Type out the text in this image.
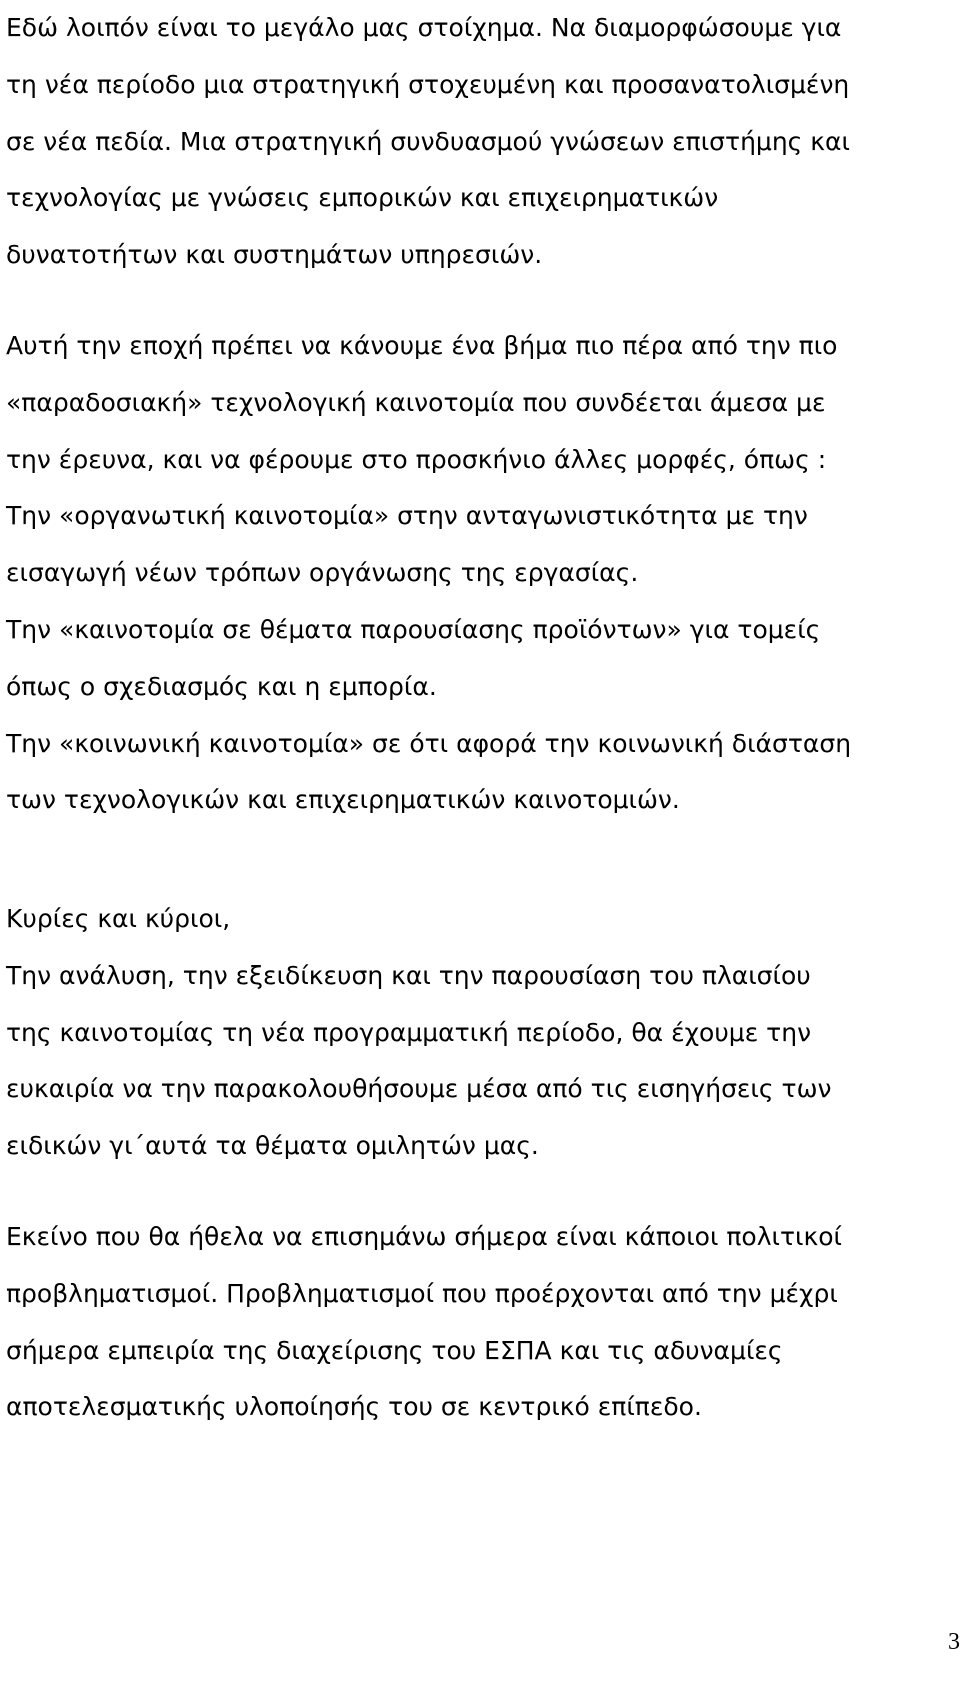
Εδώ λοιπόν είναι το μεγάλο μας στοίχημα. Να διαμορφώσουμε για
τη νέα περίοδο μια στρατηγική στοχευμένη και προσανατολισμένη
σε νέα πεδία. Μια στρατηγική συνδυασμού γνώσεων επιστήμης και
τεχνολογίας με γνώσεις εμπορικών και επιχειρηματικών
δυνατοτήτων και συστημάτων υπηρεσιών.

Αυτή την εποχή πρέπει να κάνουμε ένα βήμα πιο πέρα από την πιο
«παραδοσιακή» τεχνολογική καινοτομία που συνδέεται άμεσα με
την έρευνα, και να φέρουμε στο προσκήνιο άλλες μορφές, όπως :
Την «οργανωτική καινοτομία» στην ανταγωνιστικότητα με την
εισαγωγή νέων τρόπων οργάνωσης της εργασίας.
Την «καινοτομία σε θέματα παρουσίασης προϊόντων» για τομείς
όπως ο σχεδιασμός και η εμπορία.
Την «κοινωνική καινοτομία» σε ότι αφορά την κοινωνική διάσταση
των τεχνολογικών και επιχειρηματικών καινοτομιών.

Κυρίες και κύριοι,
Την ανάλυση, την εξειδίκευση και την παρουσίαση του πλαισίου
της καινοτομίας τη νέα προγραμματική περίοδο, θα έχουμε την
ευκαιρία να την παρακολουθήσουμε μέσα από τις εισηγήσεις των
ειδικών γι΄αυτά τα θέματα ομιλητών μας.

Εκείνο που θα ήθελα να επισημάνω σήμερα είναι κάποιοι πολιτικοί
προβληματισμοί. Προβληματισμοί που προέρχονται από την μέχρι
σήμερα εμπειρία της διαχείρισης του ΕΣΠΑ και τις αδυναμίες
αποτελεσματικής υλοποίησής του σε κεντρικό επίπεδο.

3
